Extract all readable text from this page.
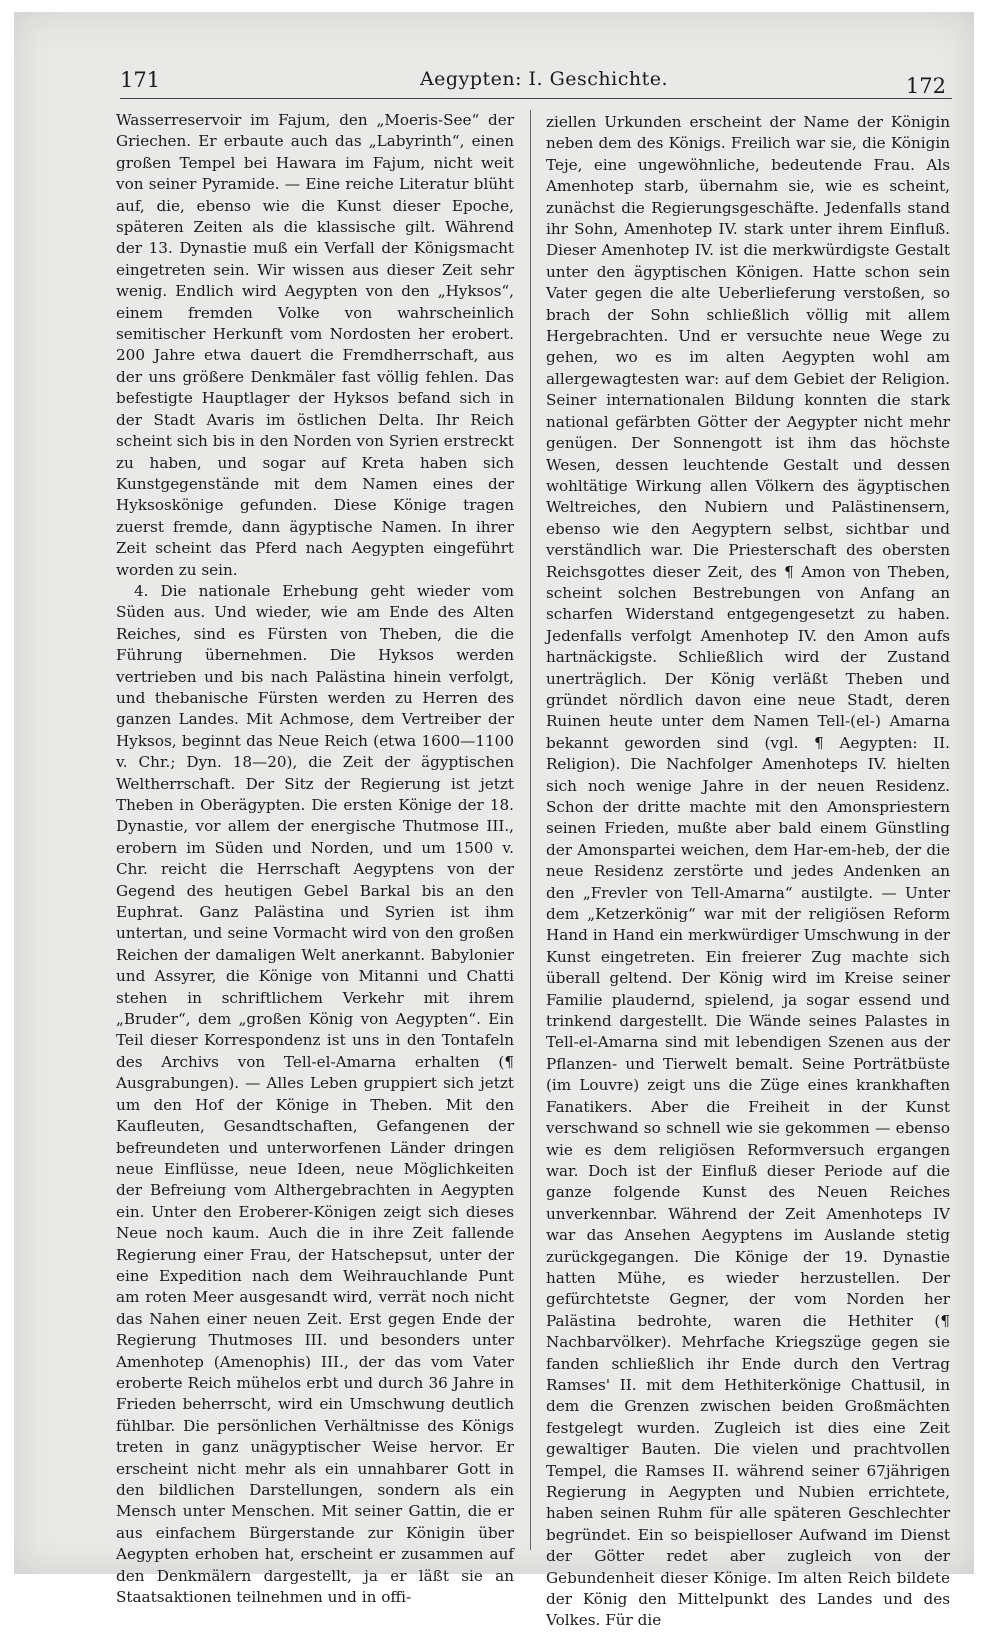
171	Aegypten: I. Geschichte.	172

Wasserreservoir im Fajum, den „Moeris-See“ der Griechen. Er erbaute auch das „Labyrinth“, einen großen Tempel bei Hawara im Fajum, nicht weit von seiner Pyramide. — Eine reiche Literatur blüht auf, die, ebenso wie die Kunst dieser Epoche, späteren Zeiten als die klassische gilt. Während der 13. Dynastie muß ein Verfall der Königsmacht eingetreten sein. Wir wissen aus dieser Zeit sehr wenig. Endlich wird Aegypten von den „Hyksos“, einem fremden Volke von wahrscheinlich semitischer Herkunft vom Nordosten her erobert. 200 Jahre etwa dauert die Fremdherrschaft, aus der uns größere Denkmäler fast völlig fehlen. Das befestigte Hauptlager der Hyksos befand sich in der Stadt Avaris im östlichen Delta. Ihr Reich scheint sich bis in den Norden von Syrien erstreckt zu haben, und sogar auf Kreta haben sich Kunstgegenstände mit dem Namen eines der Hyksoskönige gefunden. Diese Könige tragen zuerst fremde, dann ägyptische Namen. In ihrer Zeit scheint das Pferd nach Aegypten eingeführt worden zu sein.

4. Die nationale Erhebung geht wieder vom Süden aus. Und wieder, wie am Ende des Alten Reiches, sind es Fürsten von Theben, die die Führung übernehmen. Die Hyksos werden vertrieben und bis nach Palästina hinein verfolgt, und thebanische Fürsten werden zu Herren des ganzen Landes. Mit Achmose, dem Vertreiber der Hyksos, beginnt das Neue Reich (etwa 1600—1100 v. Chr.; Dyn. 18—20), die Zeit der ägyptischen Weltherrschaft. Der Sitz der Regierung ist jetzt Theben in Oberägypten. Die ersten Könige der 18. Dynastie, vor allem der energische Thutmose III., erobern im Süden und Norden, und um 1500 v. Chr. reicht die Herrschaft Aegyptens von der Gegend des heutigen Gebel Barkal bis an den Euphrat. Ganz Palästina und Syrien ist ihm untertan, und seine Vormacht wird von den großen Reichen der damaligen Welt anerkannt. Babylonier und Assyrer, die Könige von Mitanni und Chatti stehen in schriftlichem Verkehr mit ihrem „Bruder“, dem „großen König von Aegypten“. Ein Teil dieser Korrespondenz ist uns in den Tontafeln des Archivs von Tell-el-Amarna erhalten (¶ Ausgrabungen). — Alles Leben gruppiert sich jetzt um den Hof der Könige in Theben. Mit den Kaufleuten, Gesandtschaften, Gefangenen der befreundeten und unterworfenen Länder dringen neue Einflüsse, neue Ideen, neue Möglichkeiten der Befreiung vom Althergebrachten in Aegypten ein. Unter den Eroberer-Königen zeigt sich dieses Neue noch kaum. Auch die in ihre Zeit fallende Regierung einer Frau, der Hatschepsut, unter der eine Expedition nach dem Weihrauchlande Punt am roten Meer ausgesandt wird, verrät noch nicht das Nahen einer neuen Zeit. Erst gegen Ende der Regierung Thutmoses III. und besonders unter Amenhotep (Amenophis) III., der das vom Vater eroberte Reich mühelos erbt und durch 36 Jahre in Frieden beherrscht, wird ein Umschwung deutlich fühlbar. Die persönlichen Verhältnisse des Königs treten in ganz unägyptischer Weise hervor. Er erscheint nicht mehr als ein unnahbarer Gott in den bildlichen Darstellungen, sondern als ein Mensch unter Menschen. Mit seiner Gattin, die er aus einfachem Bürgerstande zur Königin über Aegypten erhoben hat, erscheint er zusammen auf den Denkmälern dargestellt, ja er läßt sie an Staatsaktionen teilnehmen und in offi-

ziellen Urkunden erscheint der Name der Königin neben dem des Königs. Freilich war sie, die Königin Teje, eine ungewöhnliche, bedeutende Frau. Als Amenhotep starb, übernahm sie, wie es scheint, zunächst die Regierungsgeschäfte. Jedenfalls stand ihr Sohn, Amenhotep IV. stark unter ihrem Einfluß. Dieser Amenhotep IV. ist die merkwürdigste Gestalt unter den ägyptischen Königen. Hatte schon sein Vater gegen die alte Ueberlieferung verstoßen, so brach der Sohn schließlich völlig mit allem Hergebrachten. Und er versuchte neue Wege zu gehen, wo es im alten Aegypten wohl am allergewagtesten war: auf dem Gebiet der Religion. Seiner internationalen Bildung konnten die stark national gefärbten Götter der Aegypter nicht mehr genügen. Der Sonnengott ist ihm das höchste Wesen, dessen leuchtende Gestalt und dessen wohltätige Wirkung allen Völkern des ägyptischen Weltreiches, den Nubiern und Palästinensern, ebenso wie den Aegyptern selbst, sichtbar und verständlich war. Die Priesterschaft des obersten Reichsgottes dieser Zeit, des ¶ Amon von Theben, scheint solchen Bestrebungen von Anfang an scharfen Widerstand entgegengesetzt zu haben. Jedenfalls verfolgt Amenhotep IV. den Amon aufs hartnäckigste. Schließlich wird der Zustand unerträglich. Der König verläßt Theben und gründet nördlich davon eine neue Stadt, deren Ruinen heute unter dem Namen Tell-(el-) Amarna bekannt geworden sind (vgl. ¶ Aegypten: II. Religion). Die Nachfolger Amenhoteps IV. hielten sich noch wenige Jahre in der neuen Residenz. Schon der dritte machte mit den Amonspriestern seinen Frieden, mußte aber bald einem Günstling der Amonspartei weichen, dem Har-em-heb, der die neue Residenz zerstörte und jedes Andenken an den „Frevler von Tell-Amarna“ austilgte. — Unter dem „Ketzerkönig“ war mit der religiösen Reform Hand in Hand ein merkwürdiger Umschwung in der Kunst eingetreten. Ein freierer Zug machte sich überall geltend. Der König wird im Kreise seiner Familie plaudernd, spielend, ja sogar essend und trinkend dargestellt. Die Wände seines Palastes in Tell-el-Amarna sind mit lebendigen Szenen aus der Pflanzen- und Tierwelt bemalt. Seine Porträtbüste (im Louvre) zeigt uns die Züge eines krankhaften Fanatikers. Aber die Freiheit in der Kunst verschwand so schnell wie sie gekommen — ebenso wie es dem religiösen Reformversuch ergangen war. Doch ist der Einfluß dieser Periode auf die ganze folgende Kunst des Neuen Reiches unverkennbar. Während der Zeit Amenhoteps IV war das Ansehen Aegyptens im Auslande stetig zurückgegangen. Die Könige der 19. Dynastie hatten Mühe, es wieder herzustellen. Der gefürchtetste Gegner, der vom Norden her Palästina bedrohte, waren die Hethiter (¶ Nachbarvölker). Mehrfache Kriegszüge gegen sie fanden schließlich ihr Ende durch den Vertrag Ramses' II. mit dem Hethiterkönige Chattusil, in dem die Grenzen zwischen beiden Großmächten festgelegt wurden. Zugleich ist dies eine Zeit gewaltiger Bauten. Die vielen und prachtvollen Tempel, die Ramses II. während seiner 67jährigen Regierung in Aegypten und Nubien errichtete, haben seinen Ruhm für alle späteren Geschlechter begründet. Ein so beispielloser Aufwand im Dienst der Götter redet aber zugleich von der Gebundenheit dieser Könige. Im alten Reich bildete der König den Mittelpunkt des Landes und des Volkes. Für die
